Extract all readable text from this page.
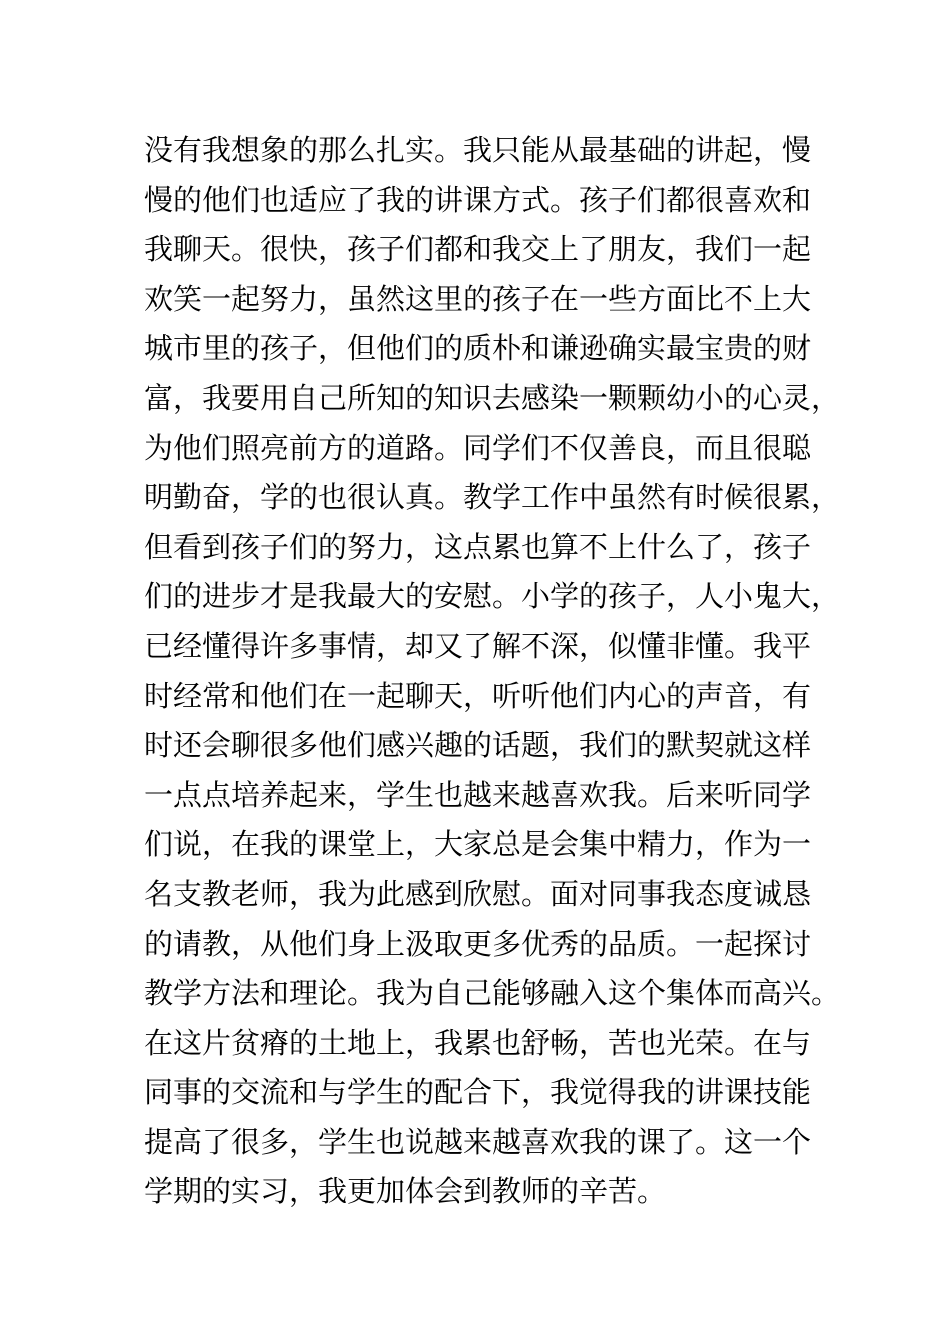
没有我想象的那么扎实。我只能从最基础的讲起，慢
慢的他们也适应了我的讲课方式。孩子们都很喜欢和
我聊天。很快，孩子们都和我交上了朋友，我们一起
欢笑一起努力，虽然这里的孩子在一些方面比不上大
城市里的孩子，但他们的质朴和谦逊确实最宝贵的财
富，我要用自己所知的知识去感染一颗颗幼小的心灵，
为他们照亮前方的道路。同学们不仅善良，而且很聪
明勤奋，学的也很认真。教学工作中虽然有时候很累，
但看到孩子们的努力，这点累也算不上什么了，孩子
们的进步才是我最大的安慰。小学的孩子，人小鬼大，
已经懂得许多事情，却又了解不深，似懂非懂。我平
时经常和他们在一起聊天，听听他们内心的声音，有
时还会聊很多他们感兴趣的话题，我们的默契就这样
一点点培养起来，学生也越来越喜欢我。后来听同学
们说，在我的课堂上，大家总是会集中精力，作为一
名支教老师，我为此感到欣慰。面对同事我态度诚恳
的请教，从他们身上汲取更多优秀的品质。一起探讨
教学方法和理论。我为自己能够融入这个集体而高兴。
在这片贫瘠的土地上，我累也舒畅，苦也光荣。在与
同事的交流和与学生的配合下，我觉得我的讲课技能
提高了很多，学生也说越来越喜欢我的课了。这一个
学期的实习，我更加体会到教师的辛苦。
